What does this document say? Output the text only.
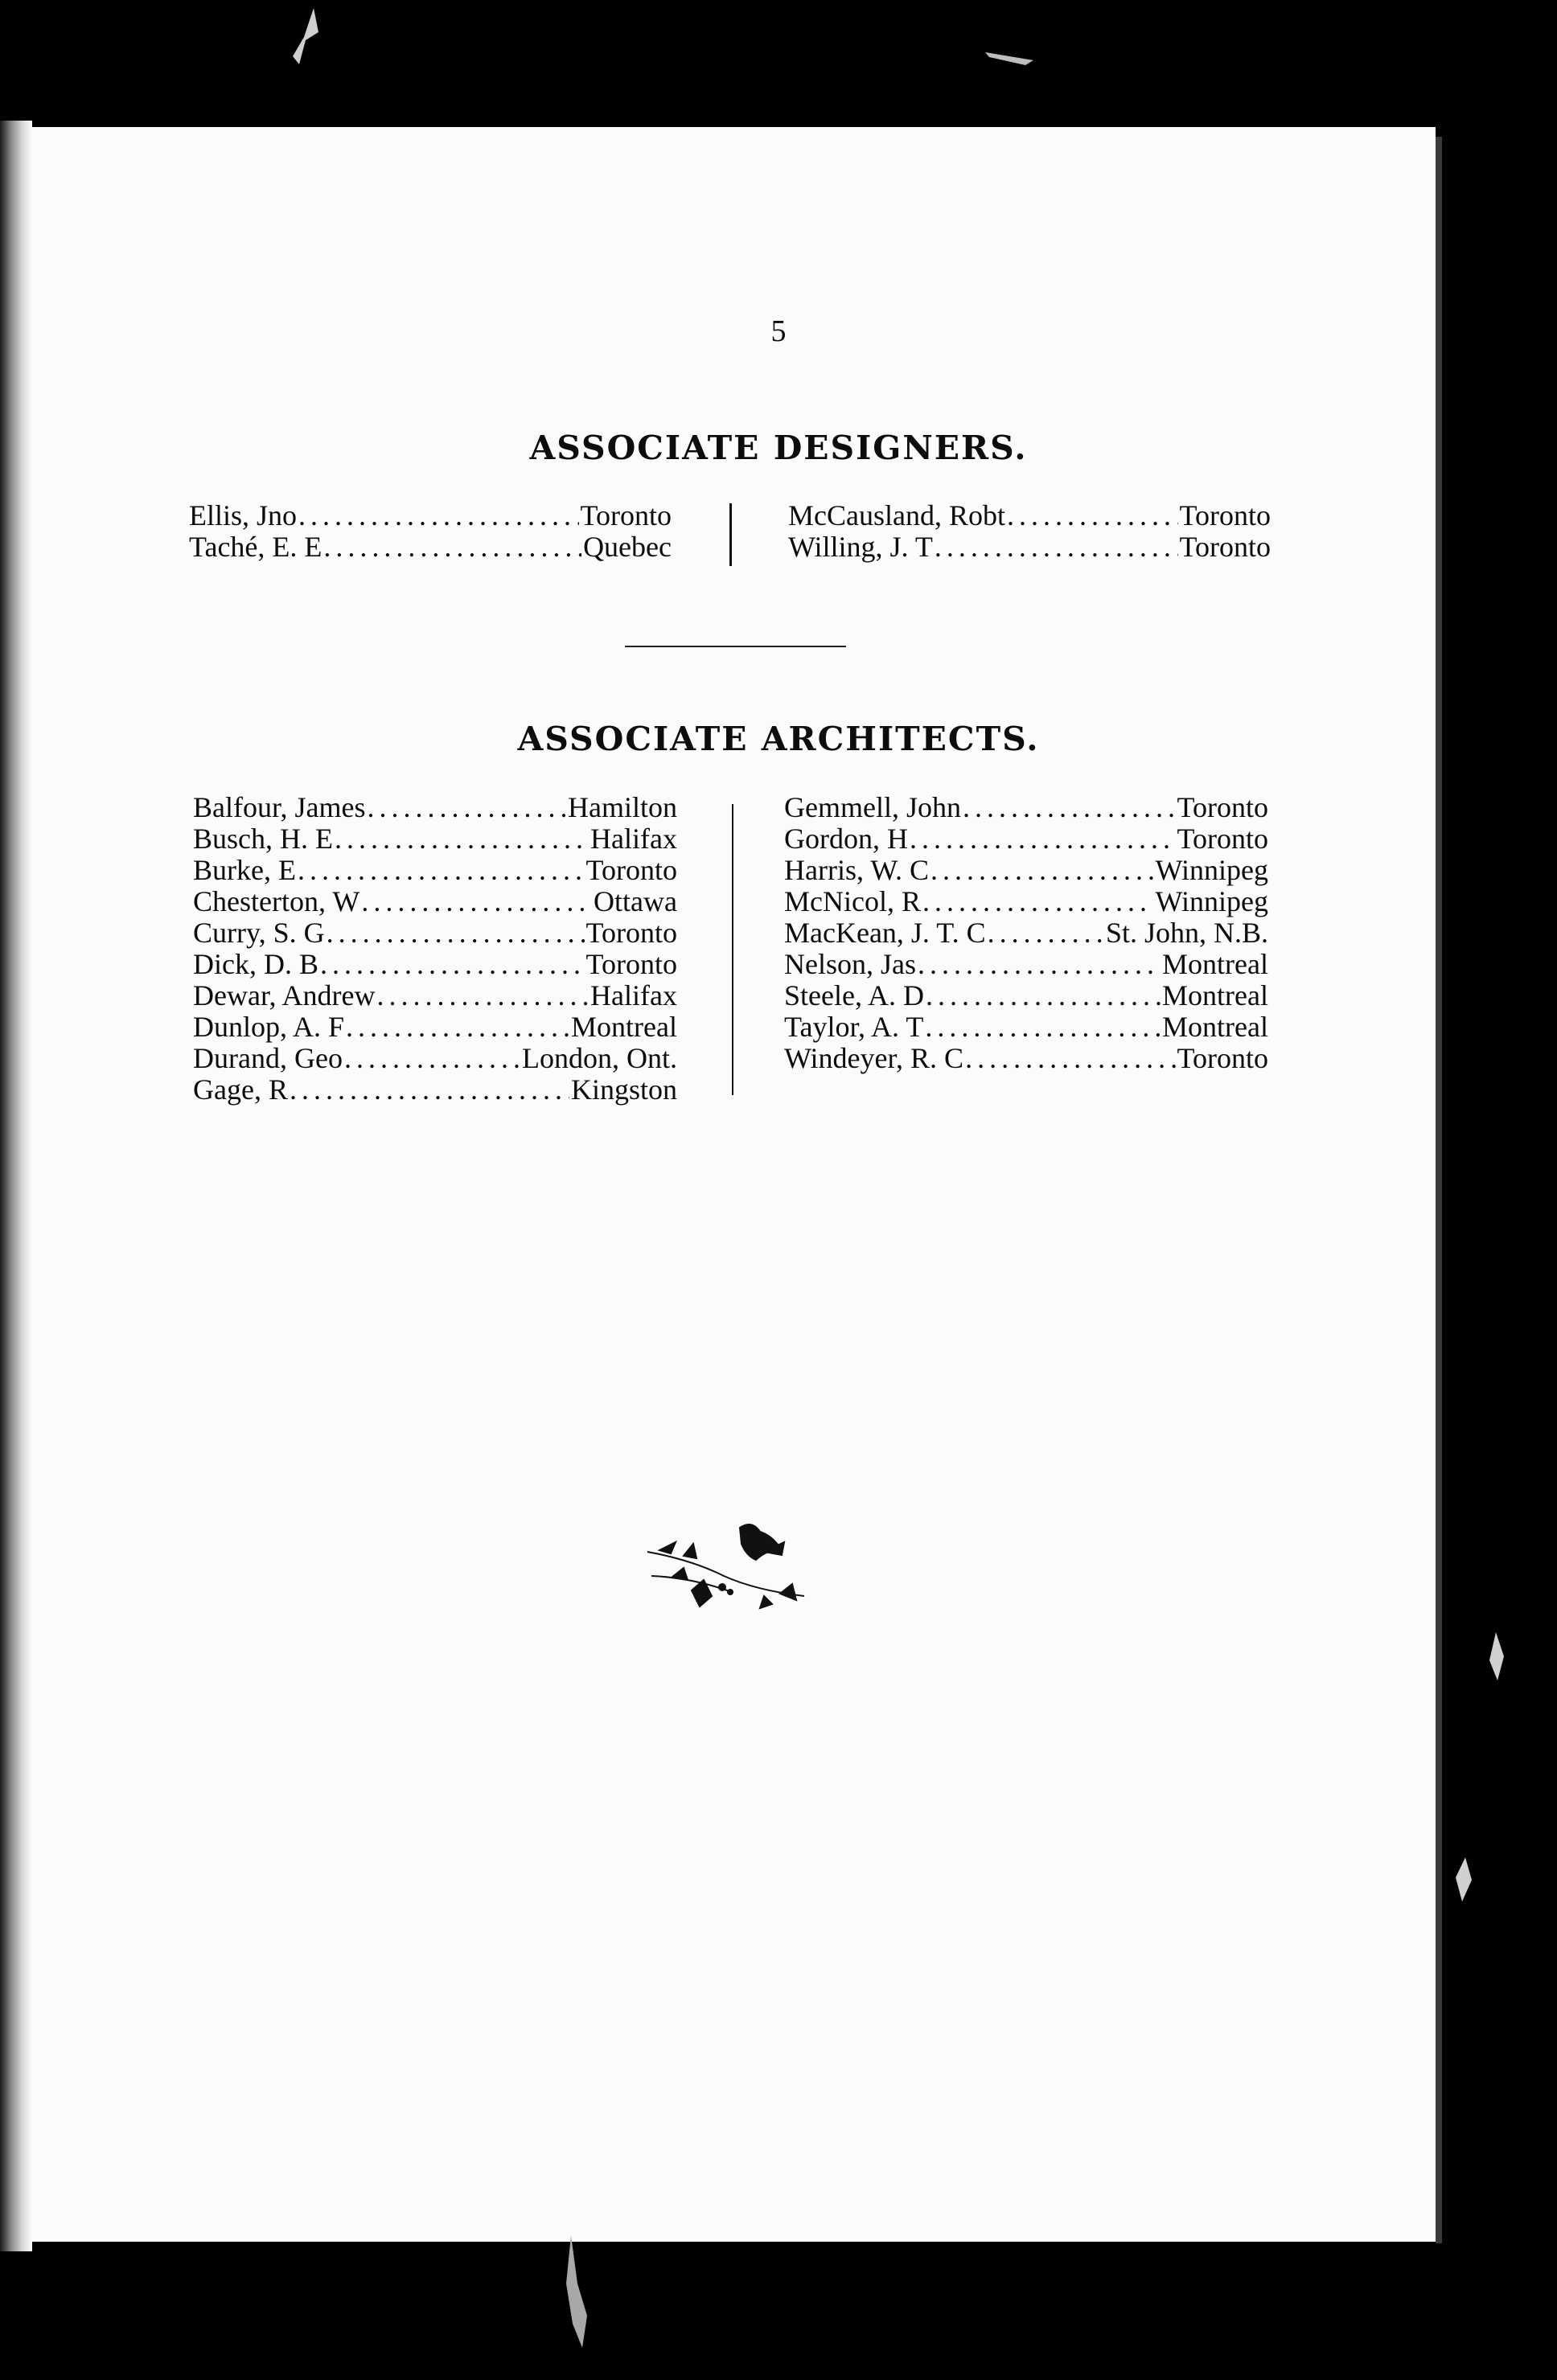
5
ASSOCIATE DESIGNERS.
Ellis, Jno .....	Toronto
Taché, E. E .....	Quebec
McCausland, Robt .....	Toronto
Willing, J. T .....	Toronto
ASSOCIATE ARCHITECTS.
Balfour, James .....	Hamilton
Busch, H. E .....	Halifax
Burke, E .....	Toronto
Chesterton, W .....	Ottawa
Curry, S. G .....	Toronto
Dick, D. B .....	Toronto
Dewar, Andrew .....	Halifax
Dunlop, A. F .....	Montreal
Durand, Geo .....	London, Ont.
Gage, R .....	Kingston
Gemmell, John .....	Toronto
Gordon, H .....	Toronto
Harris, W. C .....	Winnipeg
McNicol, R .....	Winnipeg
MacKean, J. T. C .....	St. John, N.B.
Nelson, Jas .....	Montreal
Steele, A. D .....	Montreal
Taylor, A. T .....	Montreal
Windeyer, R. C .....	Toronto
